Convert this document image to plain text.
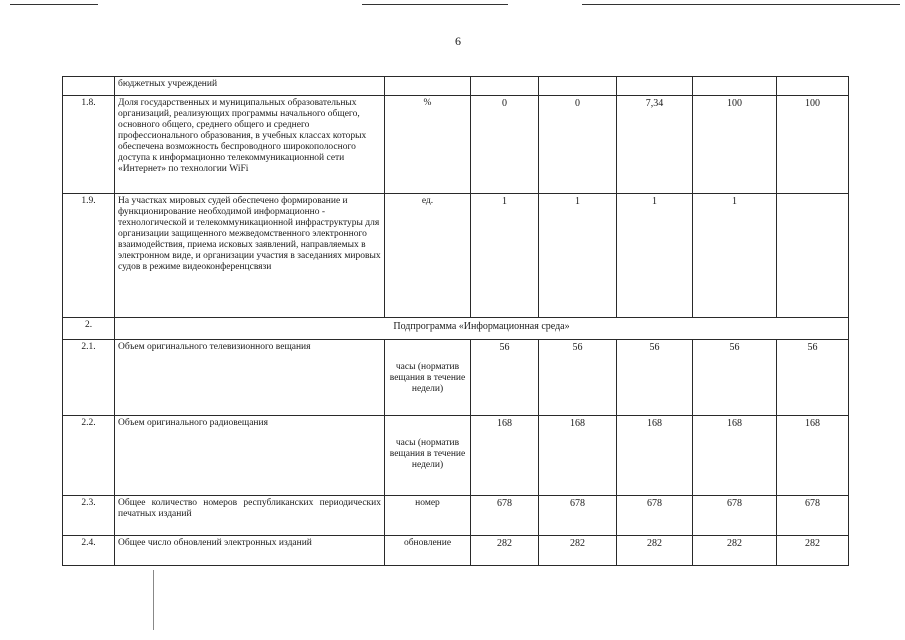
6
	бюджетных учреждений						
1.8.	Доля государственных и муниципальных образовательных организаций, реализующих программы начального общего, основного общего, среднего общего и среднего профессионального образования, в учебных классах которых обеспечена возможность беспроводного широкополосного доступа к информационно телекоммуникационной сети «Интернет» по технологии WiFi	%	0	0	7,34	100	100
1.9.	На участках мировых судей обеспечено формирование и функционирование необходимой информационно - технологической и телекоммуникационной инфраструктуры для организации защищенного межведомственного электронного взаимодействия, приема исковых заявлений, направляемых в электронном виде, и организации участия в заседаниях мировых судов в режиме видеоконференцсвязи	ед.	1	1	1	1	
2.	Подпрограмма «Информационная среда»						
2.1.	Объем оригинального телевизионного вещания	часы (норматив вещания в течение недели)	56	56	56	56	56
2.2.	Объем оригинального радиовещания	часы (норматив вещания в течение недели)	168	168	168	168	168
2.3.	Общее количество номеров республиканских периодических печатных изданий	номер	678	678	678	678	678
2.4.	Общее число обновлений электронных изданий	обновление	282	282	282	282	282
